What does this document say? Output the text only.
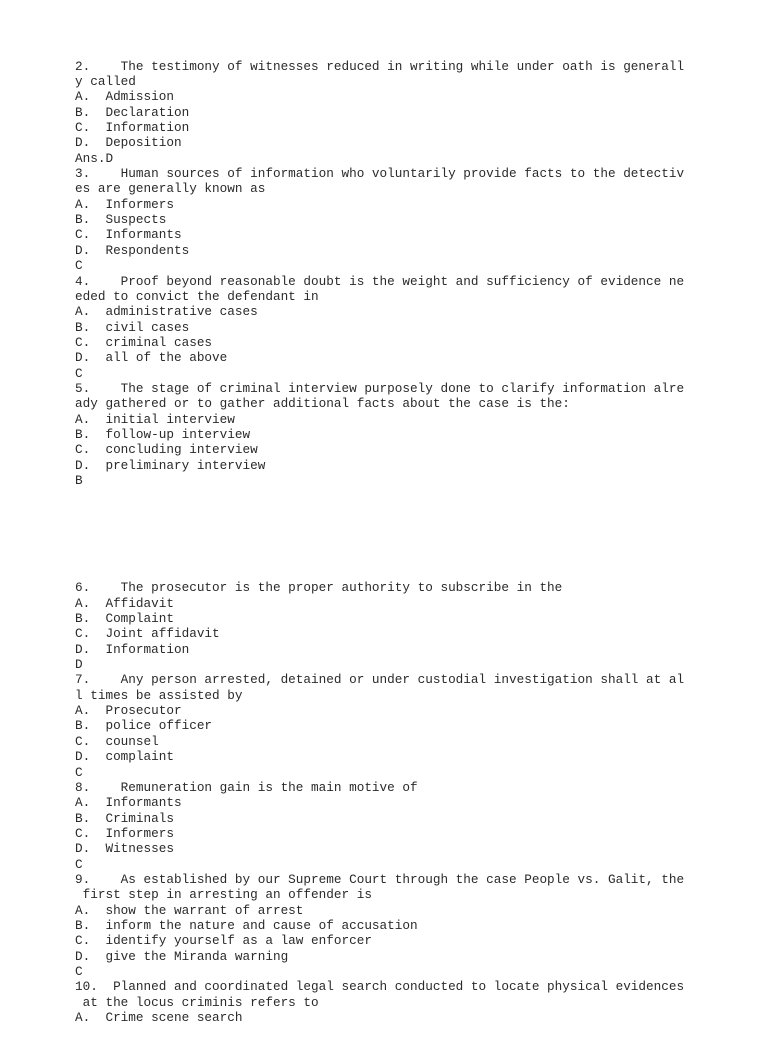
2.    The testimony of witnesses reduced in writing while under oath is generall
y called
A.  Admission
B.  Declaration
C.  Information
D.  Deposition
Ans.D
3.    Human sources of information who voluntarily provide facts to the detectiv
es are generally known as
A.  Informers
B.  Suspects
C.  Informants
D.  Respondents
C
4.    Proof beyond reasonable doubt is the weight and sufficiency of evidence ne
eded to convict the defendant in
A.  administrative cases
B.  civil cases
C.  criminal cases
D.  all of the above
C
5.    The stage of criminal interview purposely done to clarify information alre
ady gathered or to gather additional facts about the case is the:
A.  initial interview
B.  follow-up interview
C.  concluding interview
D.  preliminary interview
B

6.    The prosecutor is the proper authority to subscribe in the
A.  Affidavit
B.  Complaint
C.  Joint affidavit
D.  Information
D
7.    Any person arrested, detained or under custodial investigation shall at al
l times be assisted by
A.  Prosecutor
B.  police officer
C.  counsel
D.  complaint
C
8.    Remuneration gain is the main motive of
A.  Informants
B.  Criminals
C.  Informers
D.  Witnesses
C
9.    As established by our Supreme Court through the case People vs. Galit, the
first step in arresting an offender is
A.  show the warrant of arrest
B.  inform the nature and cause of accusation
C.  identify yourself as a law enforcer
D.  give the Miranda warning
C
10.  Planned and coordinated legal search conducted to locate physical evidences
at the locus criminis refers to
A.  Crime scene search
